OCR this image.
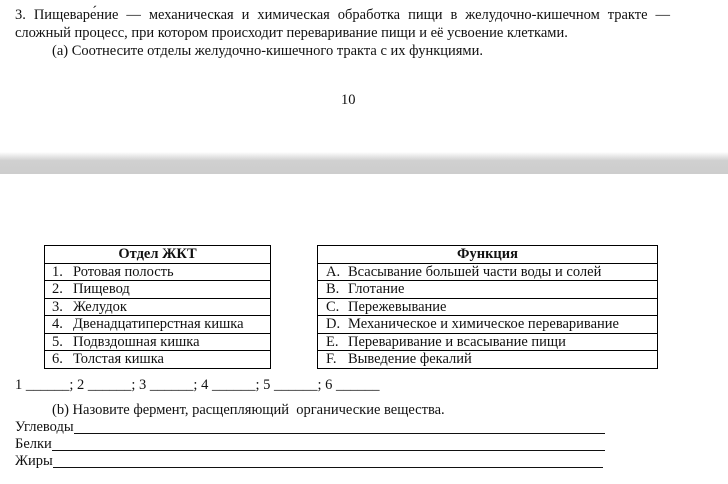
3. Пищеваре́ние — механическая и химическая обработка пищи в желудочно-кишечном тракте —
сложный процесс, при котором происходит переваривание пищи и её усвоение клетками.
(a) Соотнесите отделы желудочно-кишечного тракта с их функциями.
10
Отдел ЖКТ
1. Ротовая полость
2. Пищевод
3. Желудок
4. Двенадцатиперстная кишка
5. Подвздошная кишка
6. Толстая кишка
Функция
A. Всасывание большей части воды и солей
B. Глотание
C. Пережевывание
D. Механическое и химическое переваривание
E. Переваривание и всасывание пищи
F. Выведение фекалий
1 ______; 2 ______; 3 ______; 4 ______; 5 ______; 6 ______
(b) Назовите фермент, расщепляющий  органические вещества.
Углеводы
Белки
Жиры
